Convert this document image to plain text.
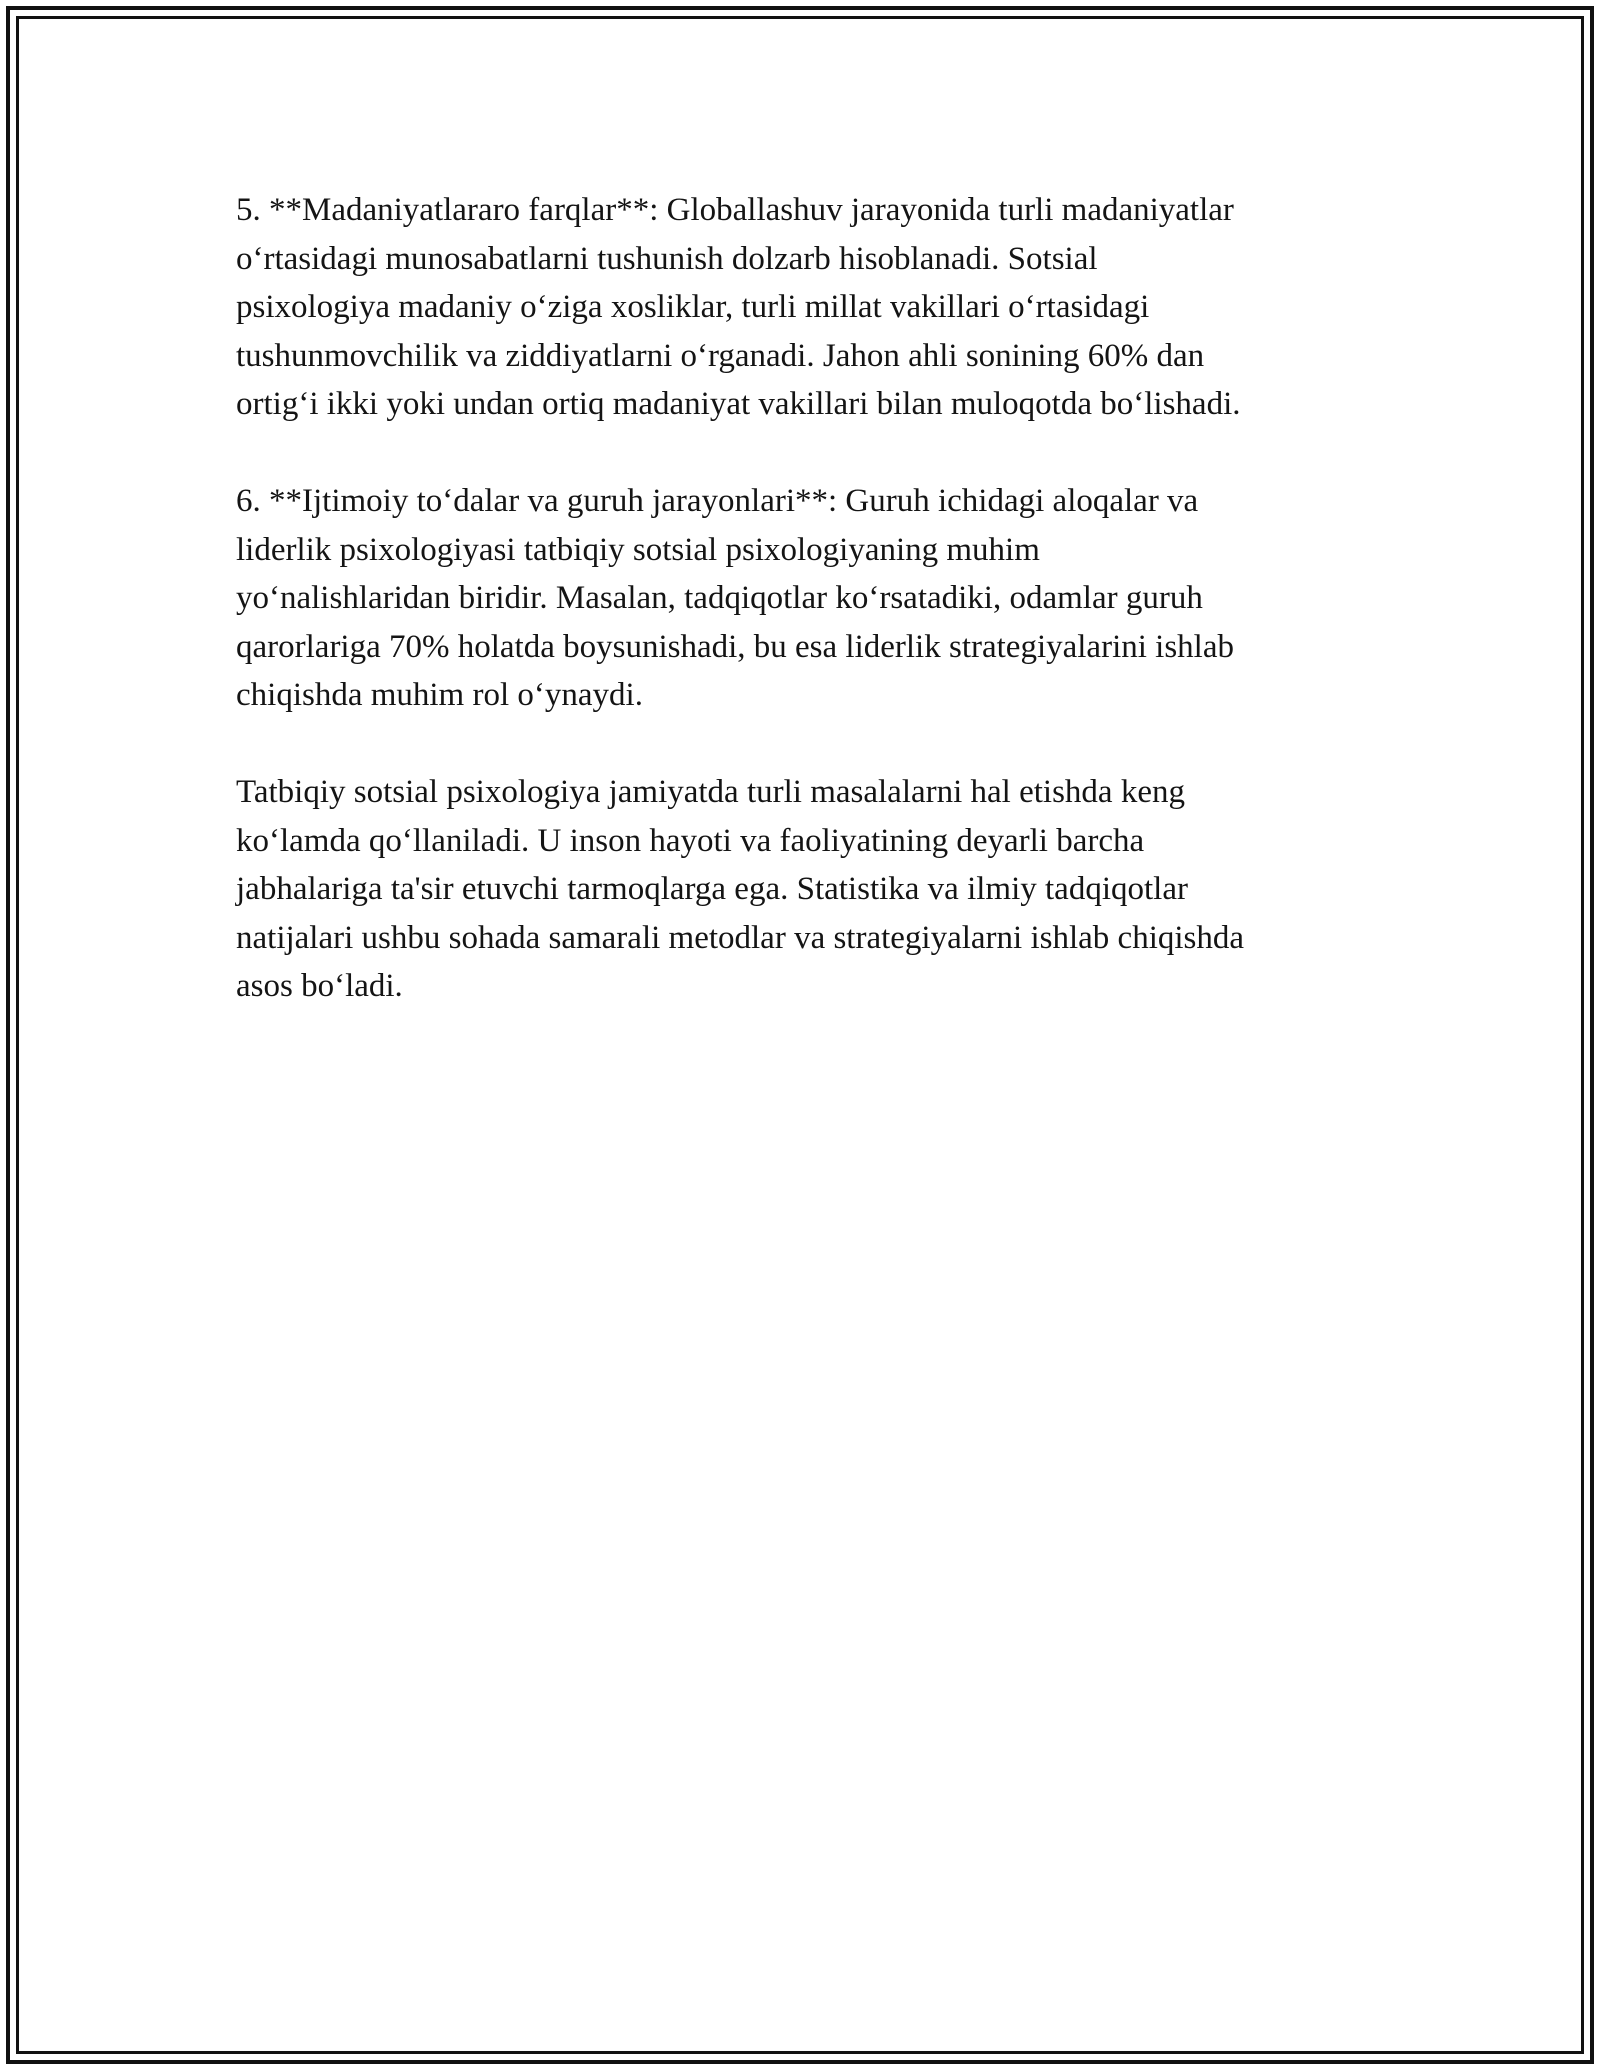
5. **Madaniyatlararo farqlar**: Globallashuv jarayonida turli madaniyatlar
o‘rtasidagi munosabatlarni tushunish dolzarb hisoblanadi. Sotsial
psixologiya madaniy o‘ziga xosliklar, turli millat vakillari o‘rtasidagi
tushunmovchilik va ziddiyatlarni o‘rganadi. Jahon ahli sonining 60% dan
ortig‘i ikki yoki undan ortiq madaniyat vakillari bilan muloqotda bo‘lishadi.

6. **Ijtimoiy to‘dalar va guruh jarayonlari**: Guruh ichidagi aloqalar va
liderlik psixologiyasi tatbiqiy sotsial psixologiyaning muhim
yo‘nalishlaridan biridir. Masalan, tadqiqotlar ko‘rsatadiki, odamlar guruh
qarorlariga 70% holatda boysunishadi, bu esa liderlik strategiyalarini ishlab
chiqishda muhim rol o‘ynaydi.

Tatbiqiy sotsial psixologiya jamiyatda turli masalalarni hal etishda keng
ko‘lamda qo‘llaniladi. U inson hayoti va faoliyatining deyarli barcha
jabhalariga ta'sir etuvchi tarmoqlarga ega. Statistika va ilmiy tadqiqotlar
natijalari ushbu sohada samarali metodlar va strategiyalarni ishlab chiqishda
asos bo‘ladi.
